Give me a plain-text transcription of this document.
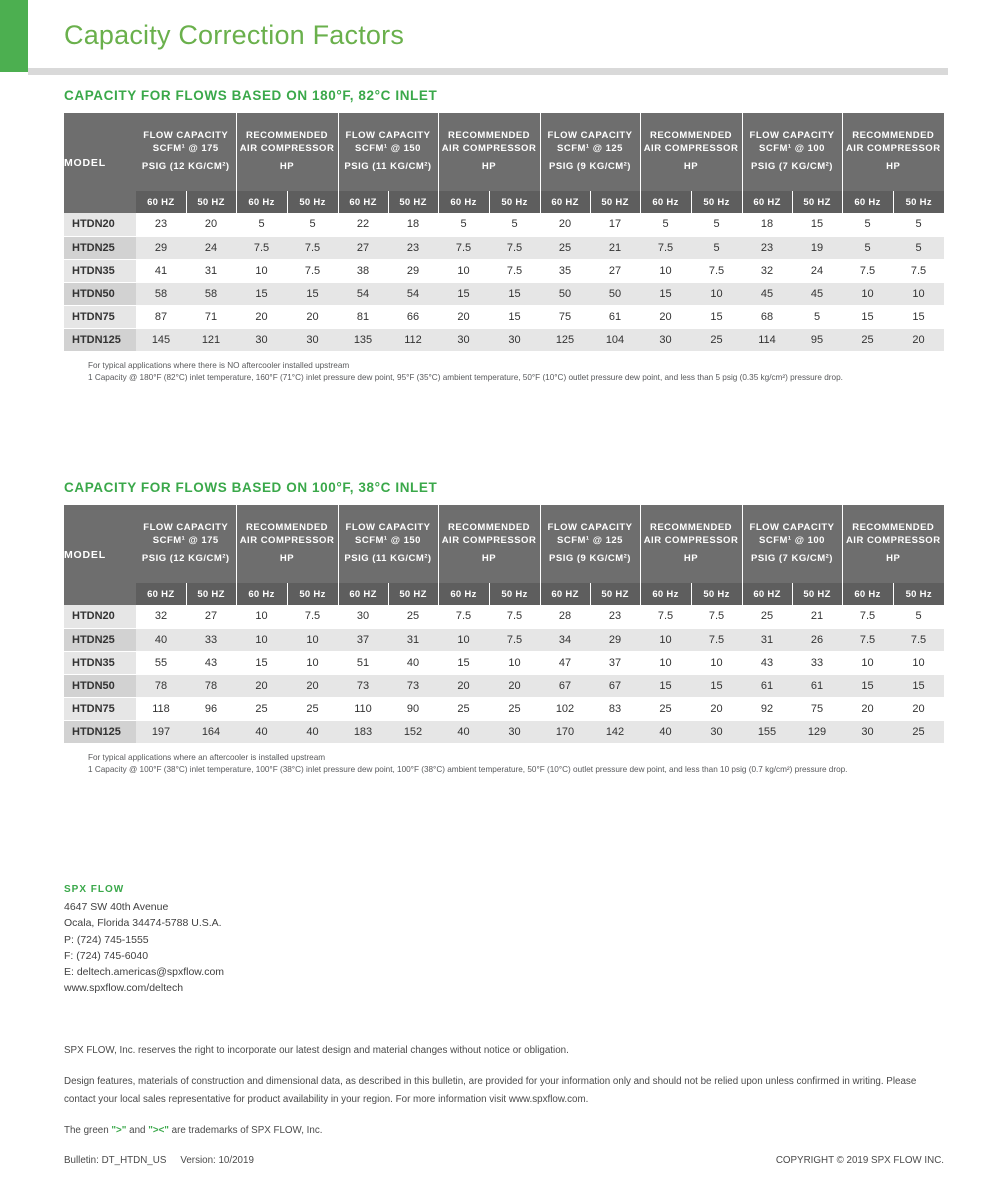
Capacity Correction Factors
CAPACITY FOR FLOWS BASED ON 180°F, 82°C INLET
MODEL	FLOW CAPACITY SCFM¹ @ 175
PSIG (12 KG/CM²)		RECOMMENDED AIR COMPRESSOR
HP		FLOW CAPACITY SCFM¹ @ 150
PSIG (11 KG/CM²)		RECOMMENDED AIR COMPRESSOR
HP		FLOW CAPACITY SCFM¹ @ 125
PSIG (9 KG/CM²)		RECOMMENDED AIR COMPRESSOR
HP		FLOW CAPACITY SCFM¹ @ 100
PSIG (7 KG/CM²)		RECOMMENDED AIR COMPRESSOR
HP	

	60 HZ	50 HZ	60 Hz	50 Hz	60 HZ	50 HZ	60 Hz	50 Hz	60 HZ	50 HZ	60 Hz	50 Hz	60 HZ	50 HZ	60 Hz	50 Hz
HTDN20	23	20	5	5	22	18	5	5	20	17	5	5	18	15	5	5
HTDN25	29	24	7.5	7.5	27	23	7.5	7.5	25	21	7.5	5	23	19	5	5
HTDN35	41	31	10	7.5	38	29	10	7.5	35	27	10	7.5	32	24	7.5	7.5
HTDN50	58	58	15	15	54	54	15	15	50	50	15	10	45	45	10	10
HTDN75	87	71	20	20	81	66	20	15	75	61	20	15	68	5	15	15
HTDN125	145	121	30	30	135	112	30	30	125	104	30	25	114	95	25	20
For typical applications where there is NO aftercooler installed upstream
1 Capacity @ 180°F (82°C) inlet temperature, 160°F (71°C) inlet pressure dew point, 95°F (35°C) ambient temperature, 50°F (10°C) outlet pressure dew point, and less than 5 psig (0.35 kg/cm²) pressure drop.
CAPACITY FOR FLOWS BASED ON 100°F, 38°C INLET
MODEL	FLOW CAPACITY SCFM¹ @ 175
PSIG (12 KG/CM²)		RECOMMENDED AIR COMPRESSOR
HP		FLOW CAPACITY SCFM¹ @ 150
PSIG (11 KG/CM²)		RECOMMENDED AIR COMPRESSOR
HP		FLOW CAPACITY SCFM¹ @ 125
PSIG (9 KG/CM²)		RECOMMENDED AIR COMPRESSOR
HP		FLOW CAPACITY SCFM¹ @ 100
PSIG (7 KG/CM²)		RECOMMENDED AIR COMPRESSOR
HP	

	60 HZ	50 HZ	60 Hz	50 Hz	60 HZ	50 HZ	60 Hz	50 Hz	60 HZ	50 HZ	60 Hz	50 Hz	60 HZ	50 HZ	60 Hz	50 Hz
HTDN20	32	27	10	7.5	30	25	7.5	7.5	28	23	7.5	7.5	25	21	7.5	5
HTDN25	40	33	10	10	37	31	10	7.5	34	29	10	7.5	31	26	7.5	7.5
HTDN35	55	43	15	10	51	40	15	10	47	37	10	10	43	33	10	10
HTDN50	78	78	20	20	73	73	20	20	67	67	15	15	61	61	15	15
HTDN75	118	96	25	25	110	90	25	25	102	83	25	20	92	75	20	20
HTDN125	197	164	40	40	183	152	40	30	170	142	40	30	155	129	30	25
For typical applications where an aftercooler is installed upstream
1 Capacity @ 100°F (38°C) inlet temperature, 100°F (38°C) inlet pressure dew point, 100°F (38°C) ambient temperature, 50°F (10°C) outlet pressure dew point, and less than 10 psig (0.7 kg/cm²) pressure drop.
SPX FLOW
4647 SW 40th Avenue
Ocala, Florida 34474-5788 U.S.A.
P: (724) 745-1555
F: (724) 745-6040
E: deltech.americas@spxflow.com
www.spxflow.com/deltech

SPX FLOW, Inc. reserves the right to incorporate our latest design and material changes without notice or obligation.

Design features, materials of construction and dimensional data, as described in this bulletin, are provided for your information only and should not be relied upon unless confirmed in writing. Please contact your local sales representative for product availability in your region. For more information visit www.spxflow.com.

The green ">" and "><" are trademarks of SPX FLOW, Inc.

Bulletin: DT_HTDN_US Version: 10/2019	COPYRIGHT © 2019 SPX FLOW INC.
